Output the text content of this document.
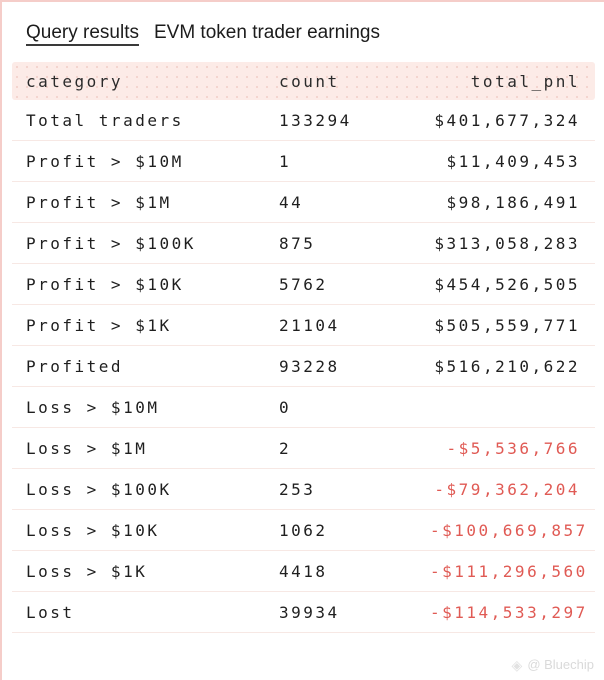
Query results EVM token trader earnings
category	count	total_pnl
Total traders	133294	$401,677,324
Profit > $10M	1	$11,409,453
Profit > $1M	44	$98,186,491
Profit > $100K	875	$313,058,283
Profit > $10K	5762	$454,526,505
Profit > $1K	21104	$505,559,771
Profited	93228	$516,210,622
Loss > $10M	0
Loss > $1M	2	-$5,536,766
Loss > $100K	253	-$79,362,204
Loss > $10K	1062	-$100,669,857
Loss > $1K	4418	-$111,296,560
Lost	39934	-$114,533,297
◈ @ Bluechip
